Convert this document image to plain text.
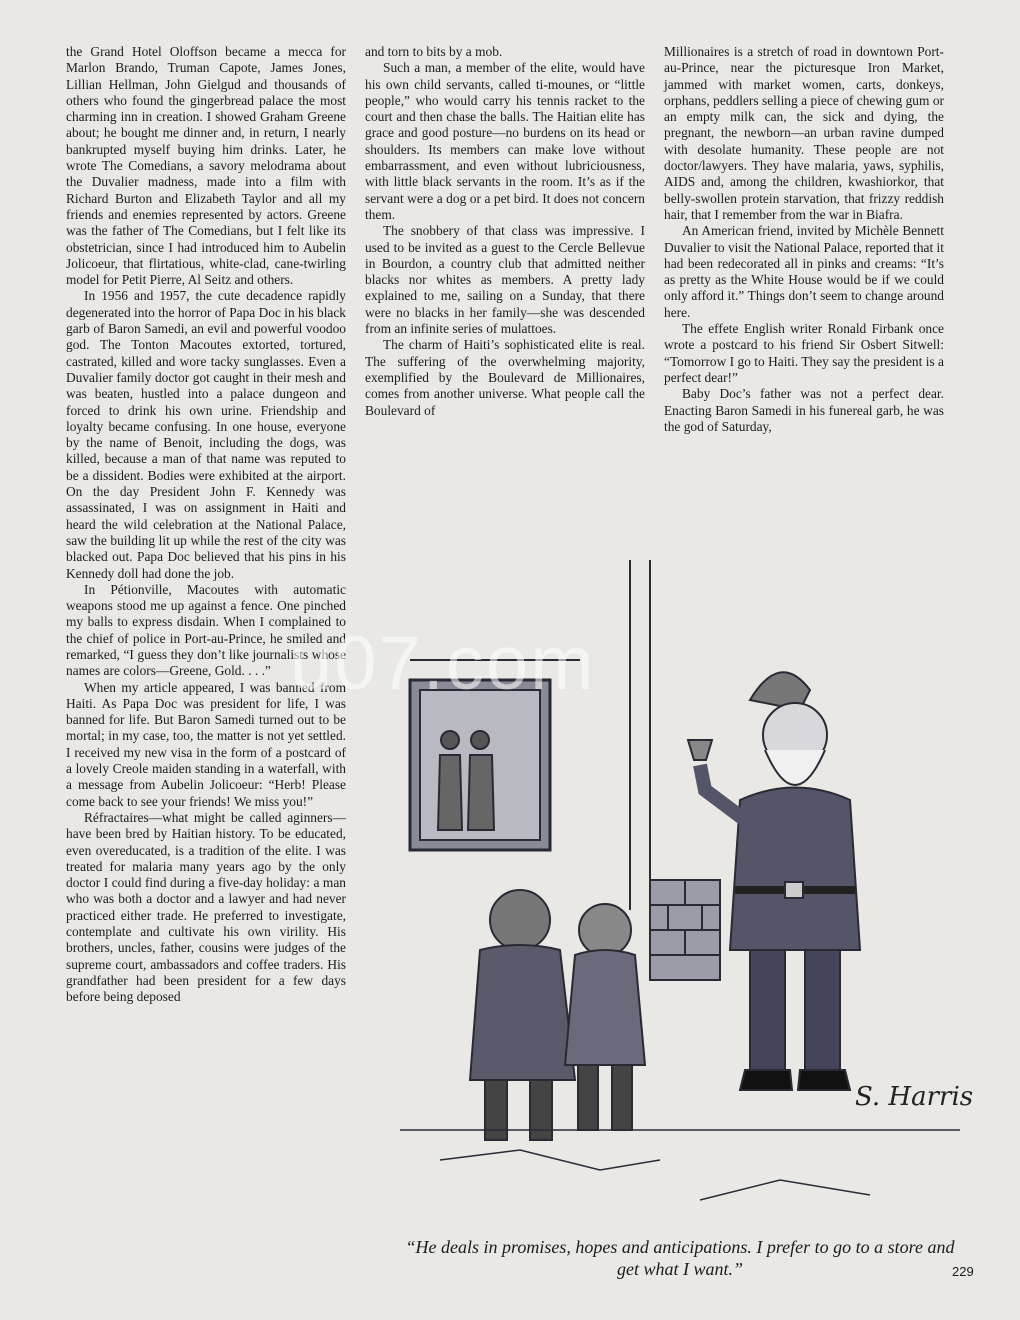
the Grand Hotel Oloffson became a mecca for Marlon Brando, Truman Capote, James Jones, Lillian Hellman, John Gielgud and thousands of others who found the gingerbread palace the most charming inn in creation. I showed Graham Greene about; he bought me dinner and, in return, I nearly bankrupted myself buying him drinks. Later, he wrote The Comedians, a savory melodrama about the Duvalier madness, made into a film with Richard Burton and Elizabeth Taylor and all my friends and enemies represented by actors. Greene was the father of The Comedians, but I felt like its obstetrician, since I had introduced him to Aubelin Jolicoeur, that flirtatious, white-clad, cane-twirling model for Petit Pierre, Al Seitz and others.

In 1956 and 1957, the cute decadence rapidly degenerated into the horror of Papa Doc in his black garb of Baron Samedi, an evil and powerful voodoo god. The Tonton Macoutes extorted, tortured, castrated, killed and wore tacky sunglasses. Even a Duvalier family doctor got caught in their mesh and was beaten, hustled into a palace dungeon and forced to drink his own urine. Friendship and loyalty became confusing. In one house, everyone by the name of Benoit, including the dogs, was killed, because a man of that name was reputed to be a dissident. Bodies were exhibited at the airport. On the day President John F. Kennedy was assassinated, I was on assignment in Haiti and heard the wild celebration at the National Palace, saw the building lit up while the rest of the city was blacked out. Papa Doc believed that his pins in his Kennedy doll had done the job.

In Pétionville, Macoutes with automatic weapons stood me up against a fence. One pinched my balls to express disdain. When I complained to the chief of police in Port-au-Prince, he smiled and remarked, “I guess they don’t like journalists whose names are colors—Greene, Gold. . . .”

When my article appeared, I was banned from Haiti. As Papa Doc was president for life, I was banned for life. But Baron Samedi turned out to be mortal; in my case, too, the matter is not yet settled. I received my new visa in the form of a postcard of a lovely Creole maiden standing in a waterfall, with a message from Aubelin Jolicoeur: “Herb! Please come back to see your friends! We miss you!”

Réfractaires—what might be called aginners—have been bred by Haitian history. To be educated, even overeducated, is a tradition of the elite. I was treated for malaria many years ago by the only doctor I could find during a five-day holiday: a man who was both a doctor and a lawyer and had never practiced either trade. He preferred to investigate, contemplate and cultivate his own virility. His brothers, uncles, father, cousins were judges of the supreme court, ambassadors and coffee traders. His grandfather had been president for a few days before being deposed

and torn to bits by a mob.

Such a man, a member of the elite, would have his own child servants, called ti-mounes, or “little people,” who would carry his tennis racket to the court and then chase the balls. The Haitian elite has grace and good posture—no burdens on its head or shoulders. Its members can make love without embarrassment, and even without lubriciousness, with little black servants in the room. It’s as if the servant were a dog or a pet bird. It does not concern them.

The snobbery of that class was impressive. I used to be invited as a guest to the Cercle Bellevue in Bourdon, a country club that admitted neither blacks nor whites as members. A pretty lady explained to me, sailing on a Sunday, that there were no blacks in her family—she was descended from an infinite series of mulattoes.

The charm of Haiti’s sophisticated elite is real. The suffering of the overwhelming majority, exemplified by the Boulevard de Millionaires, comes from another universe. What people call the Boulevard of

Millionaires is a stretch of road in downtown Port-au-Prince, near the picturesque Iron Market, jammed with market women, carts, donkeys, orphans, peddlers selling a piece of chewing gum or an empty milk can, the sick and dying, the pregnant, the newborn—an urban ravine dumped with desolate humanity. These people are not doctor/lawyers. They have malaria, yaws, syphilis, AIDS and, among the children, kwashiorkor, that belly-swollen protein starvation, that frizzy reddish hair, that I remember from the war in Biafra.

An American friend, invited by Michèle Bennett Duvalier to visit the National Palace, reported that it had been redecorated all in pinks and creams: “It’s as pretty as the White House would be if we could only afford it.” Things don’t seem to change around here.

The effete English writer Ronald Firbank once wrote a postcard to his friend Sir Osbert Sitwell: “Tomorrow I go to Haiti. They say the president is a perfect dear!”

Baby Doc’s father was not a perfect dear. Enacting Baron Samedi in his funereal garb, he was the god of Saturday,

S. Harris
“He deals in promises, hopes and anticipations. I prefer to go to a store and get what I want.”
u07.com
229
